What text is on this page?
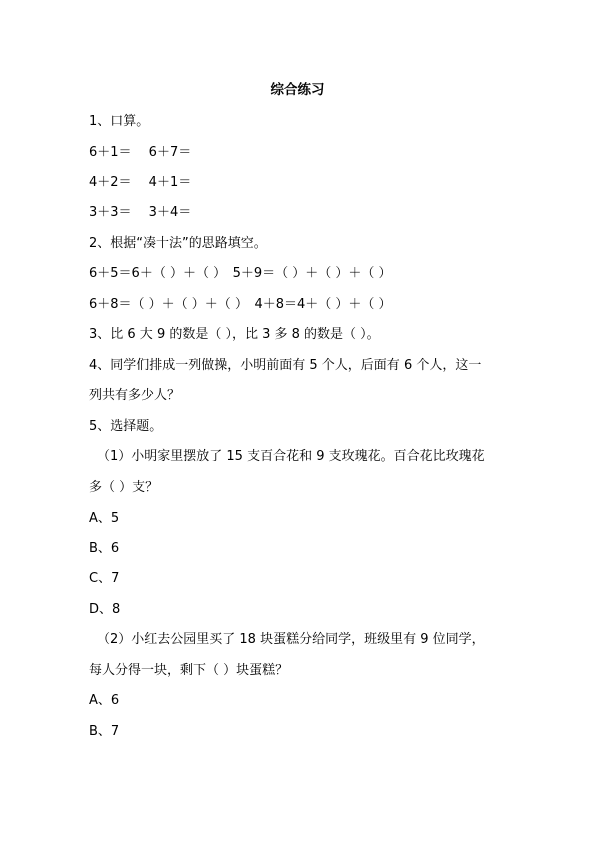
综合练习
1、口算。
6＋1＝　 6＋7＝
4＋2＝　 4＋1＝
3＋3＝　 3＋4＝
2、根据“凑十法”的思路填空。
6＋5＝6＋（ ）＋（ ）　5＋9＝（ ）＋（ ）＋（ ）
6＋8＝（ ）＋（ ）＋（ ）　4＋8＝4＋（ ）＋（ ）
3、比 6 大 9 的数是（ ），比 3 多 8 的数是（ ）。
4、同学们排成一列做操，小明前面有 5 个人，后面有 6 个人，这一
列共有多少人？
5、选择题。
（1）小明家里摆放了 15 支百合花和 9 支玫瑰花。百合花比玫瑰花
多（ ）支？
A、5
B、6
C、7
D、8
（2）小红去公园里买了 18 块蛋糕分给同学，班级里有 9 位同学，
每人分得一块，剩下（ ）块蛋糕？
A、6
B、7
